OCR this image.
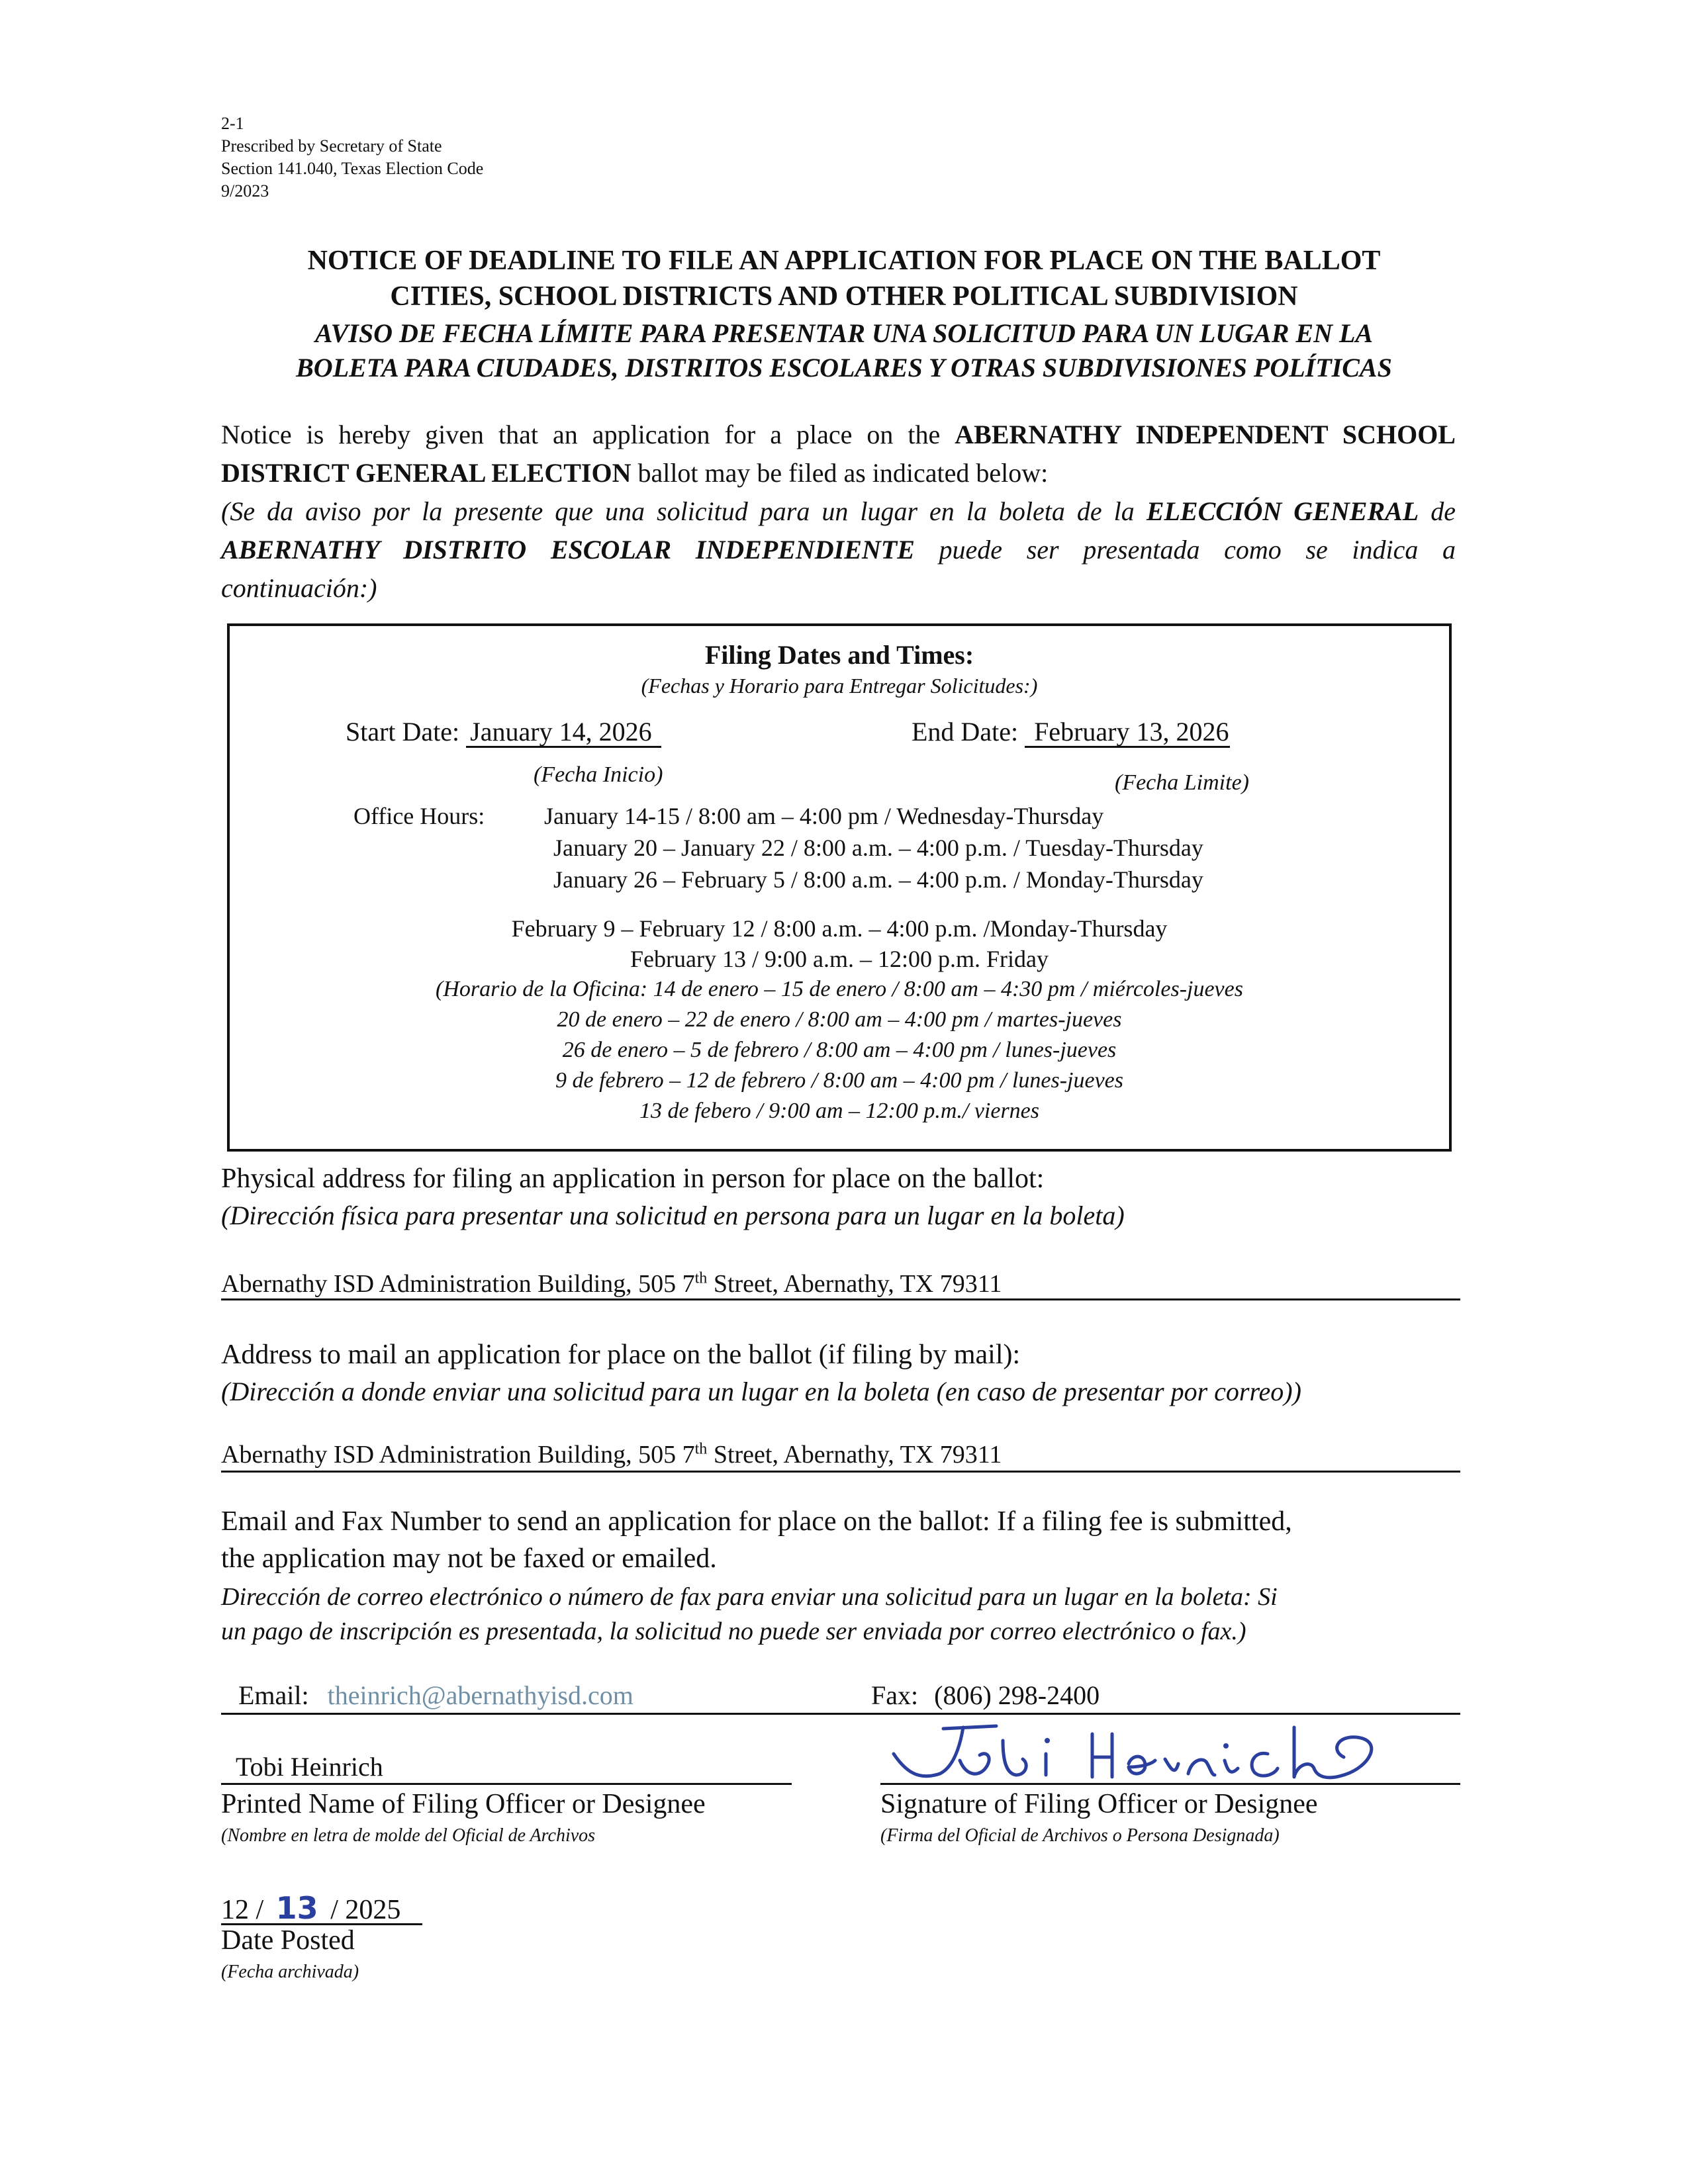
2-1
Prescribed by Secretary of State
Section 141.040, Texas Election Code
9/2023
NOTICE OF DEADLINE TO FILE AN APPLICATION FOR PLACE ON THE BALLOT
CITIES, SCHOOL DISTRICTS AND OTHER POLITICAL SUBDIVISION
AVISO DE FECHA LÍMITE PARA PRESENTAR UNA SOLICITUD PARA UN LUGAR EN LA
BOLETA PARA CIUDADES, DISTRITOS ESCOLARES Y OTRAS SUBDIVISIONES POLÍTICAS
Notice is hereby given that an application for a place on the ABERNATHY INDEPENDENT SCHOOL
DISTRICT GENERAL ELECTION ballot may be filed as indicated below:
(Se da aviso por la presente que una solicitud para un lugar en la boleta de la ELECCIÓN GENERAL de
ABERNATHY DISTRITO ESCOLAR INDEPENDIENTE puede ser presentada como se indica a
continuación:)
Filing Dates and Times:
(Fechas y Horario para Entregar Solicitudes:)
Start Date: January 14, 2026	End Date: February 13, 2026
(Fecha Inicio)	(Fecha Limite)
Office Hours: January 14-15 / 8:00 am – 4:00 pm / Wednesday-Thursday
January 20 – January 22 / 8:00 a.m. – 4:00 p.m. / Tuesday-Thursday
January 26 – February 5 / 8:00 a.m. – 4:00 p.m. / Monday-Thursday
February 9 – February 12 / 8:00 a.m. – 4:00 p.m. /Monday-Thursday
February 13 / 9:00 a.m. – 12:00 p.m. Friday
(Horario de la Oficina: 14 de enero – 15 de enero / 8:00 am – 4:30 pm / miércoles-jueves
20 de enero – 22 de enero / 8:00 am – 4:00 pm / martes-jueves
26 de enero – 5 de febrero / 8:00 am – 4:00 pm / lunes-jueves
9 de febrero – 12 de febrero / 8:00 am – 4:00 pm / lunes-jueves
13 de febero / 9:00 am – 12:00 p.m./ viernes
Physical address for filing an application in person for place on the ballot:
(Dirección física para presentar una solicitud en persona para un lugar en la boleta)
Abernathy ISD Administration Building, 505 7th Street, Abernathy, TX 79311
Address to mail an application for place on the ballot (if filing by mail):
(Dirección a donde enviar una solicitud para un lugar en la boleta (en caso de presentar por correo))
Abernathy ISD Administration Building, 505 7th Street, Abernathy, TX 79311
Email and Fax Number to send an application for place on the ballot: If a filing fee is submitted,
the application may not be faxed or emailed.
Dirección de correo electrónico o número de fax para enviar una solicitud para un lugar en la boleta: Si
un pago de inscripción es presentada, la solicitud no puede ser enviada por correo electrónico o fax.)
Email: theinrich@abernathyisd.com	Fax: (806) 298-2400
Tobi Heinrich
Printed Name of Filing Officer or Designee
(Nombre en letra de molde del Oficial de Archivos
Signature of Filing Officer or Designee
(Firma del Oficial de Archivos o Persona Designada)
12 / 13 / 2025
Date Posted
(Fecha archivada)
